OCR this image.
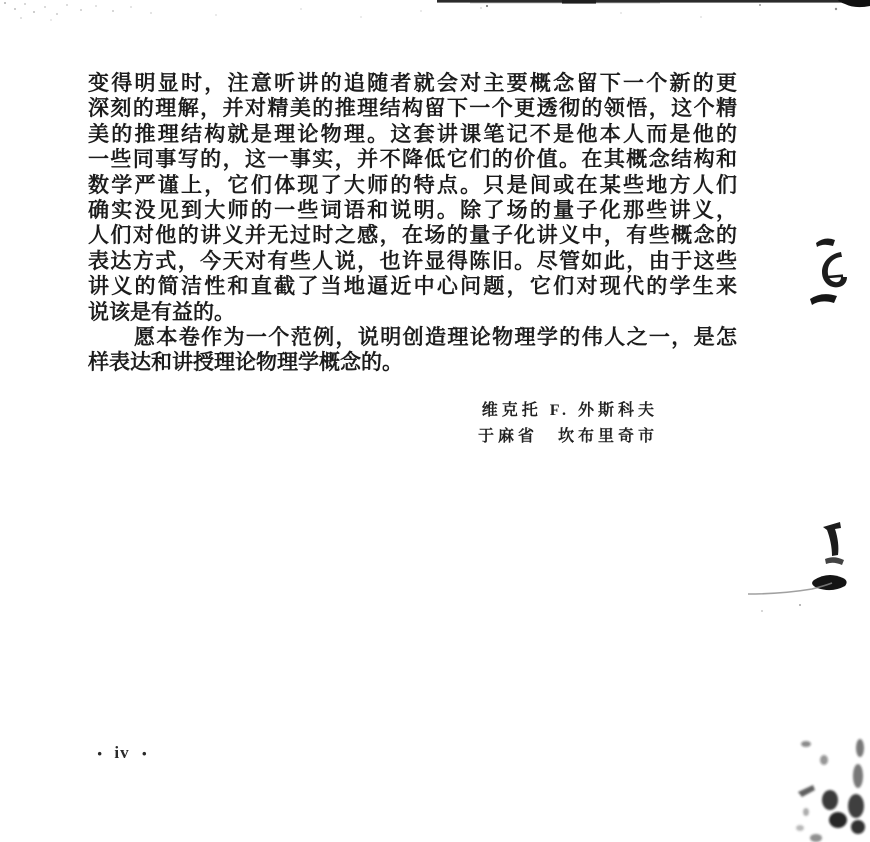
变得明显时，注意听讲的追随者就会对主要概念留下一个新的更
深刻的理解，并对精美的推理结构留下一个更透彻的领悟，这个精
美的推理结构就是理论物理。这套讲课笔记不是他本人而是他的
一些同事写的，这一事实，并不降低它们的价值。在其概念结构和
数学严谨上，它们体现了大师的特点。只是间或在某些地方人们
确实没见到大师的一些词语和说明。除了场的量子化那些讲义，
人们对他的讲义并无过时之感，在场的量子化讲义中，有些概念的
表达方式，今天对有些人说，也许显得陈旧。尽管如此，由于这些
讲义的简洁性和直截了当地逼近中心问题，它们对现代的学生来
说该是有益的。
愿本卷作为一个范例，说明创造理论物理学的伟人之一，是怎
样表达和讲授理论物理学概念的。
维克托 F. 外斯科夫
于麻省　坎布里奇市
· iv ·
